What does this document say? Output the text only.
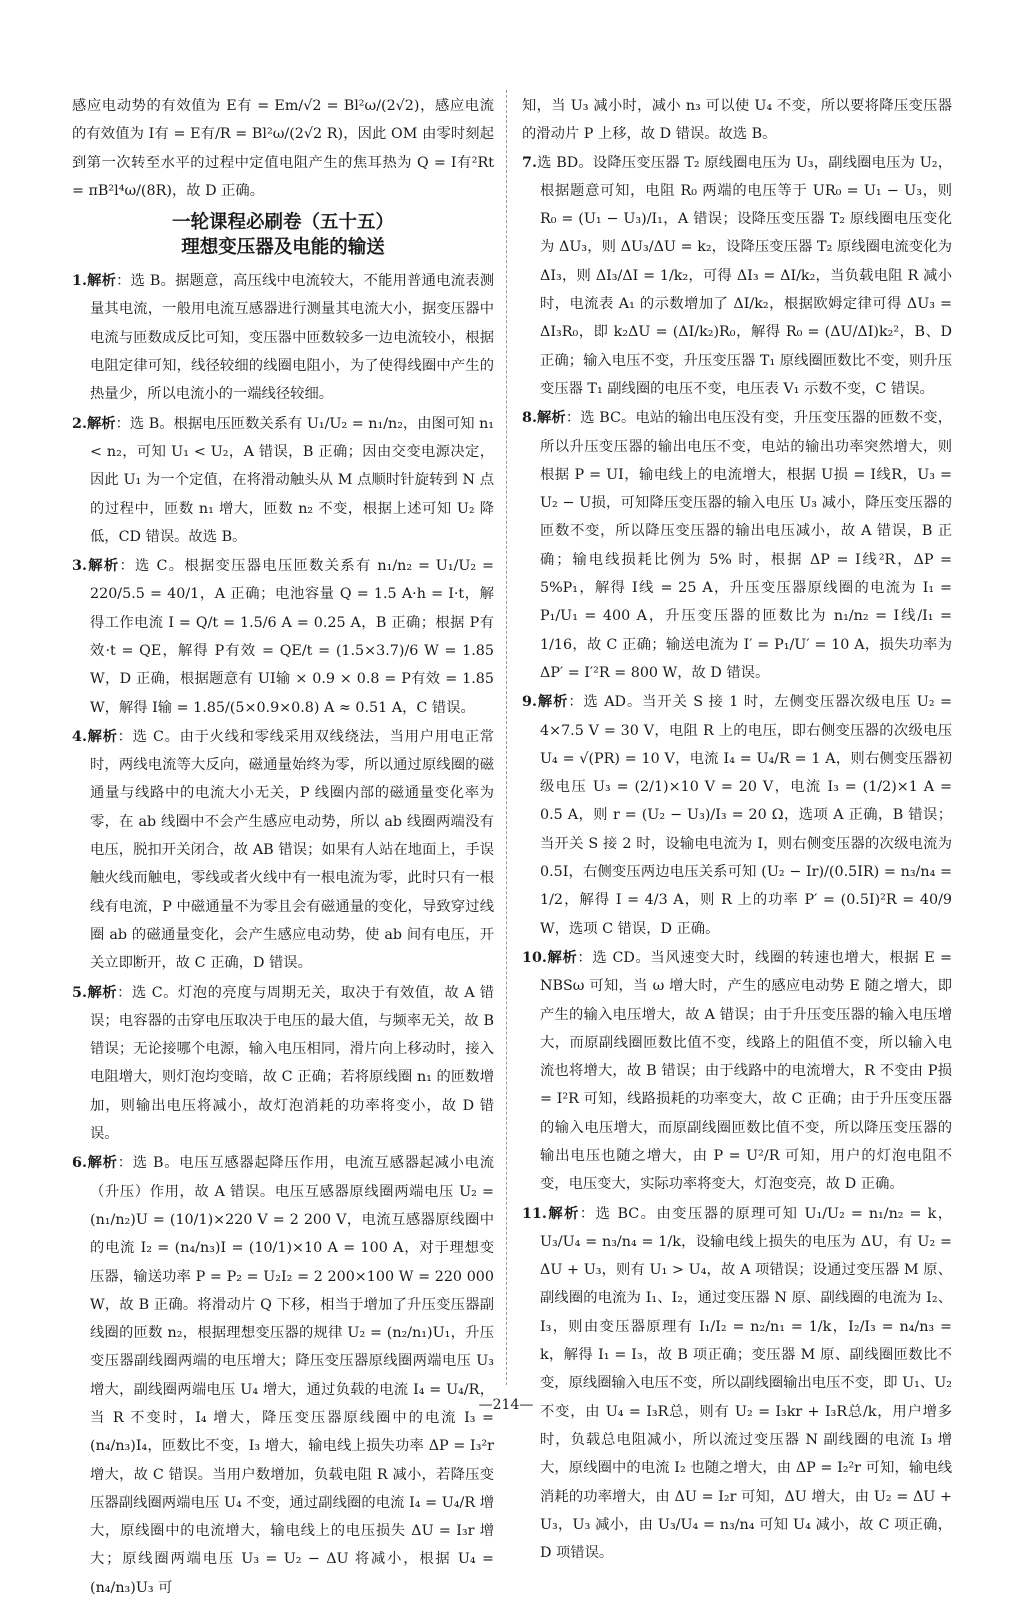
感应电动势的有效值为 E有 = Em/√2 = Bl²ω/(2√2)，感应电流的有效值为 I有 = E有/R = Bl²ω/(2√2 R)，因此 OM 由零时刻起到第一次转至水平的过程中定值电阻产生的焦耳热为 Q = I有²Rt = πB²l⁴ω/(8R)，故 D 正确。

一轮课程必刷卷（五十五）
理想变压器及电能的输送

1.解析：选 B。据题意，高压线中电流较大，不能用普通电流表测量其电流，一般用电流互感器进行测量其电流大小，据变压器中电流与匝数成反比可知，变压器中匝数较多一边电流较小，根据电阻定律可知，线径较细的线圈电阻小，为了使得线圈中产生的热量少，所以电流小的一端线径较细。

2.解析：选 B。根据电压匝数关系有 U₁/U₂ = n₁/n₂，由图可知 n₁ < n₂，可知 U₁ < U₂，A 错误，B 正确；因由交变电源决定，因此 U₁ 为一个定值，在将滑动触头从 M 点顺时针旋转到 N 点的过程中，匝数 n₁ 增大，匝数 n₂ 不变，根据上述可知 U₂ 降低，CD 错误。故选 B。

3.解析：选 C。根据变压器电压匝数关系有 n₁/n₂ = U₁/U₂ = 220/5.5 = 40/1，A 正确；电池容量 Q = 1.5 A·h = I·t，解得工作电流 I = Q/t = 1.5/6 A = 0.25 A，B 正确；根据 P有效·t = QE，解得 P有效 = QE/t = (1.5×3.7)/6 W = 1.85 W，D 正确，根据题意有 UI输 × 0.9 × 0.8 = P有效 = 1.85 W，解得 I输 = 1.85/(5×0.9×0.8) A ≈ 0.51 A，C 错误。

4.解析：选 C。由于火线和零线采用双线绕法，当用户用电正常时，两线电流等大反向，磁通量始终为零，所以通过原线圈的磁通量与线路中的电流大小无关，P 线圈内部的磁通量变化率为零，在 ab 线圈中不会产生感应电动势，所以 ab 线圈两端没有电压，脱扣开关闭合，故 AB 错误；如果有人站在地面上，手误触火线而触电，零线或者火线中有一根电流为零，此时只有一根线有电流，P 中磁通量不为零且会有磁通量的变化，导致穿过线圈 ab 的磁通量变化，会产生感应电动势，使 ab 间有电压，开关立即断开，故 C 正确，D 错误。

5.解析：选 C。灯泡的亮度与周期无关，取决于有效值，故 A 错误；电容器的击穿电压取决于电压的最大值，与频率无关，故 B 错误；无论接哪个电源，输入电压相同，滑片向上移动时，接入电阻增大，则灯泡均变暗，故 C 正确；若将原线圈 n₁ 的匝数增加，则输出电压将减小，故灯泡消耗的功率将变小，故 D 错误。

6.解析：选 B。电压互感器起降压作用，电流互感器起减小电流（升压）作用，故 A 错误。电压互感器原线圈两端电压 U₂ = (n₁/n₂)U = (10/1)×220 V = 2 200 V，电流互感器原线圈中的电流 I₂ = (n₄/n₃)I = (10/1)×10 A = 100 A，对于理想变压器，输送功率 P = P₂ = U₂I₂ = 2 200×100 W = 220 000 W，故 B 正确。将滑动片 Q 下移，相当于增加了升压变压器副线圈的匝数 n₂，根据理想变压器的规律 U₂ = (n₂/n₁)U₁，升压变压器副线圈两端的电压增大；降压变压器原线圈两端电压 U₃ 增大，副线圈两端电压 U₄ 增大，通过负载的电流 I₄ = U₄/R，当 R 不变时，I₄ 增大，降压变压器原线圈中的电流 I₃ = (n₄/n₃)I₄，匝数比不变，I₃ 增大，输电线上损失功率 ΔP = I₃²r 增大，故 C 错误。当用户数增加，负载电阻 R 减小，若降压变压器副线圈两端电压 U₄ 不变，通过副线圈的电流 I₄ = U₄/R 增大，原线圈中的电流增大，输电线上的电压损失 ΔU = I₃r 增大；原线圈两端电压 U₃ = U₂ − ΔU 将减小，根据 U₄ = (n₄/n₃)U₃ 可

知，当 U₃ 减小时，减小 n₃ 可以使 U₄ 不变，所以要将降压变压器的滑动片 P 上移，故 D 错误。故选 B。

7.选 BD。设降压变压器 T₂ 原线圈电压为 U₃，副线圈电压为 U₂，根据题意可知，电阻 R₀ 两端的电压等于 UR₀ = U₁ − U₃，则 R₀ = (U₁ − U₃)/I₁，A 错误；设降压变压器 T₂ 原线圈电压变化为 ΔU₃，则 ΔU₃/ΔU = k₂，设降压变压器 T₂ 原线圈电流变化为 ΔI₃，则 ΔI₃/ΔI = 1/k₂，可得 ΔI₃ = ΔI/k₂，当负载电阻 R 减小时，电流表 A₁ 的示数增加了 ΔI/k₂，根据欧姆定律可得 ΔU₃ = ΔI₃R₀，即 k₂ΔU = (ΔI/k₂)R₀，解得 R₀ = (ΔU/ΔI)k₂²，B、D 正确；输入电压不变，升压变压器 T₁ 原线圈匝数比不变，则升压变压器 T₁ 副线圈的电压不变，电压表 V₁ 示数不变，C 错误。

8.解析：选 BC。电站的输出电压没有变，升压变压器的匝数不变，所以升压变压器的输出电压不变，电站的输出功率突然增大，则根据 P = UI，输电线上的电流增大，根据 U损 = I线R，U₃ = U₂ − U损，可知降压变压器的输入电压 U₃ 减小，降压变压器的匝数不变，所以降压变压器的输出电压减小，故 A 错误，B 正确；输电线损耗比例为 5% 时，根据 ΔP = I线²R，ΔP = 5%P₁，解得 I线 = 25 A，升压变压器原线圈的电流为 I₁ = P₁/U₁ = 400 A，升压变压器的匝数比为 n₁/n₂ = I线/I₁ = 1/16，故 C 正确；输送电流为 I′ = P₁/U′ = 10 A，损失功率为 ΔP′ = I′²R = 800 W，故 D 错误。

9.解析：选 AD。当开关 S 接 1 时，左侧变压器次级电压 U₂ = 4×7.5 V = 30 V，电阻 R 上的电压，即右侧变压器的次级电压 U₄ = √(PR) = 10 V，电流 I₄ = U₄/R = 1 A，则右侧变压器初级电压 U₃ = (2/1)×10 V = 20 V，电流 I₃ = (1/2)×1 A = 0.5 A，则 r = (U₂ − U₃)/I₃ = 20 Ω，选项 A 正确，B 错误；当开关 S 接 2 时，设输电电流为 I，则右侧变压器的次级电流为 0.5I，右侧变压两边电压关系可知 (U₂ − Ir)/(0.5IR) = n₃/n₄ = 1/2，解得 I = 4/3 A，则 R 上的功率 P′ = (0.5I)²R = 40/9 W，选项 C 错误，D 正确。

10.解析：选 CD。当风速变大时，线圈的转速也增大，根据 E = NBSω 可知，当 ω 增大时，产生的感应电动势 E 随之增大，即产生的输入电压增大，故 A 错误；由于升压变压器的输入电压增大，而原副线圈匝数比值不变，线路上的阻值不变，所以输入电流也将增大，故 B 错误；由于线路中的电流增大，R 不变由 P损 = I²R 可知，线路损耗的功率变大，故 C 正确；由于升压变压器的输入电压增大，而原副线圈匝数比值不变，所以降压变压器的输出电压也随之增大，由 P = U²/R 可知，用户的灯泡电阻不变，电压变大，实际功率将变大，灯泡变亮，故 D 正确。

11.解析：选 BC。由变压器的原理可知 U₁/U₂ = n₁/n₂ = k，U₃/U₄ = n₃/n₄ = 1/k，设输电线上损失的电压为 ΔU，有 U₂ = ΔU + U₃，则有 U₁ > U₄，故 A 项错误；设通过变压器 M 原、副线圈的电流为 I₁、I₂，通过变压器 N 原、副线圈的电流为 I₂、I₃，则由变压器原理有 I₁/I₂ = n₂/n₁ = 1/k，I₂/I₃ = n₄/n₃ = k，解得 I₁ = I₃，故 B 项正确；变压器 M 原、副线圈匝数比不变，原线圈输入电压不变，所以副线圈输出电压不变，即 U₁、U₂ 不变，由 U₄ = I₃R总，则有 U₂ = I₃kr + I₃R总/k，用户增多时，负载总电阻减小，所以流过变压器 N 副线圈的电流 I₃ 增大，原线圈中的电流 I₂ 也随之增大，由 ΔP = I₂²r 可知，输电线消耗的功率增大，由 ΔU = I₂r 可知，ΔU 增大，由 U₂ = ΔU + U₃，U₃ 减小，由 U₃/U₄ = n₃/n₄ 可知 U₄ 减小，故 C 项正确，D 项错误。

—214—
